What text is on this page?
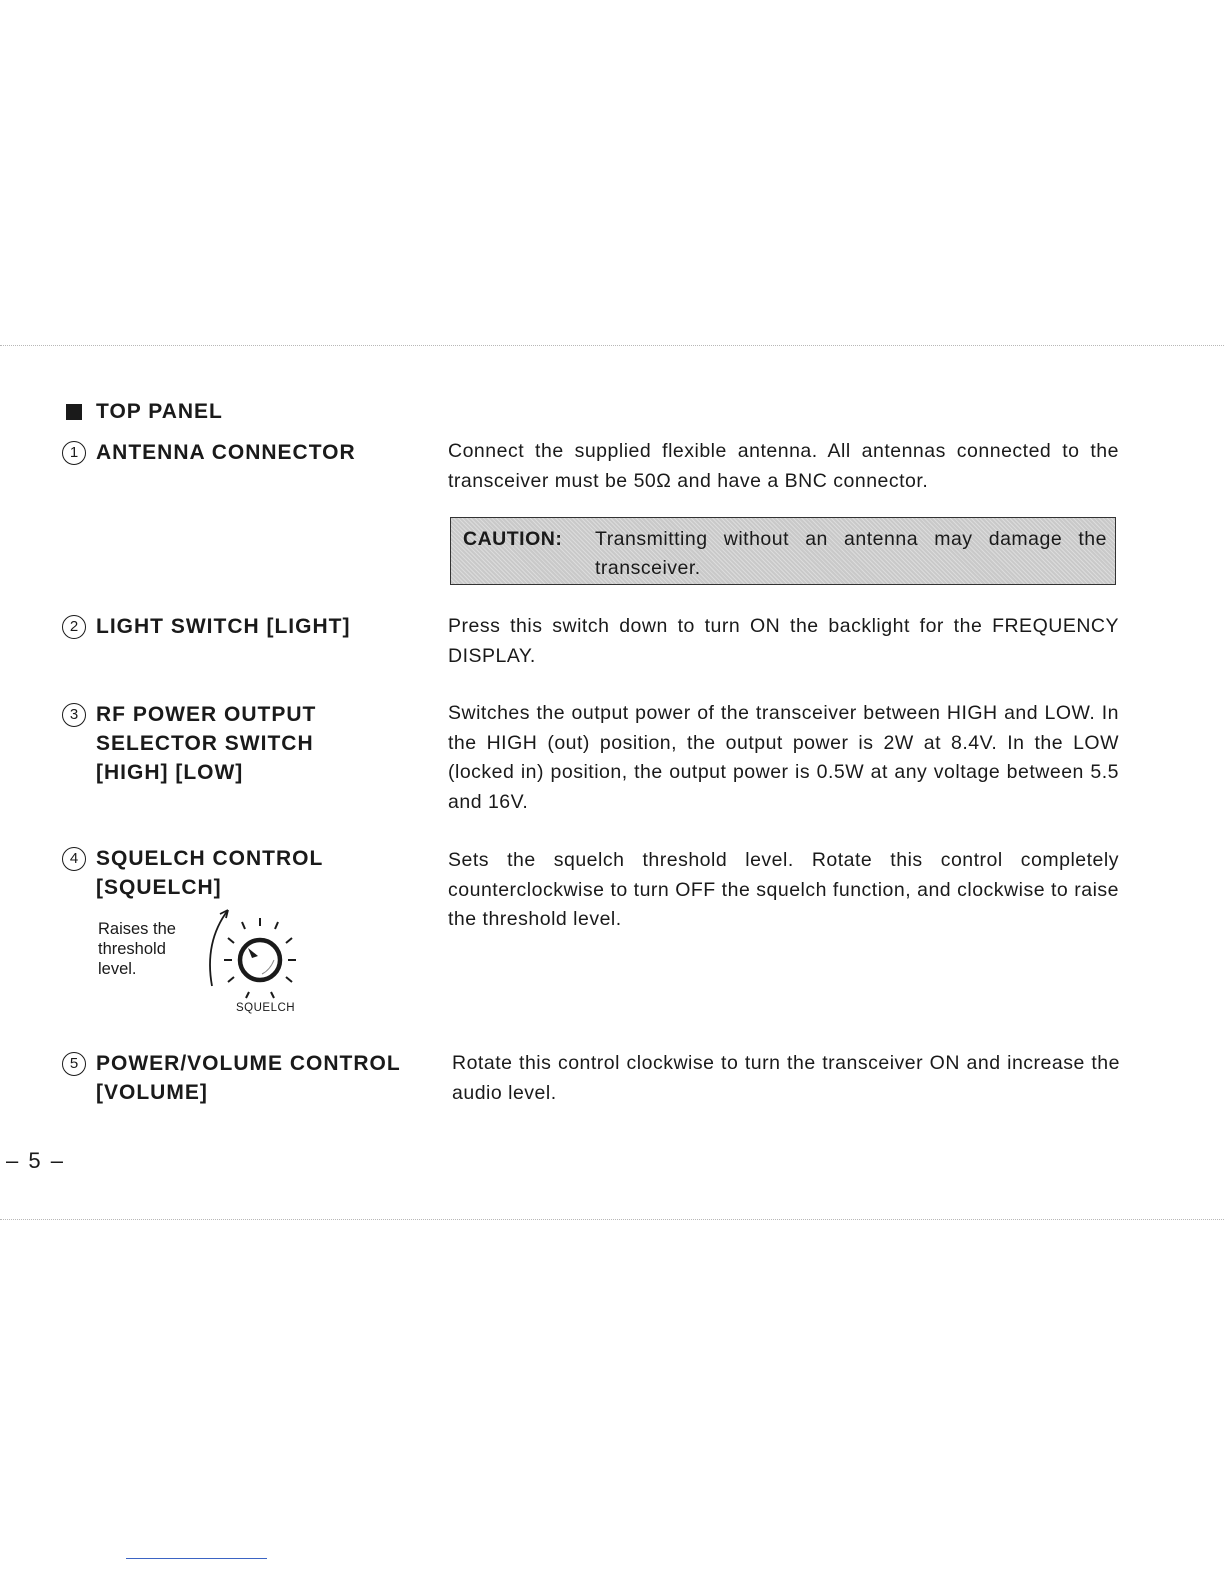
TOP PANEL
1 ANTENNA CONNECTOR	Connect the supplied flexible antenna. All antennas connected to the transceiver must be 50Ω and have a BNC connector.
CAUTION: Transmitting without an antenna may damage the transceiver.
2 LIGHT SWITCH [LIGHT]	Press this switch down to turn ON the backlight for the FREQUENCY DISPLAY.
3 RF POWER OUTPUT
SELECTOR SWITCH
[HIGH] [LOW]
Switches the output power of the transceiver between HIGH and LOW. In the HIGH (out) position, the output power is 2W at 8.4V. In the LOW (locked in) position, the output power is 0.5W at any voltage between 5.5 and 16V.
4 SQUELCH CONTROL
[SQUELCH]
Sets the squelch threshold level. Rotate this control completely counterclockwise to turn OFF the squelch function, and clockwise to raise the threshold level.
Raises the threshold level.
SQUELCH
5 POWER/VOLUME CONTROL
[VOLUME]
Rotate this control clockwise to turn the transceiver ON and increase the audio level.
– 5 –
